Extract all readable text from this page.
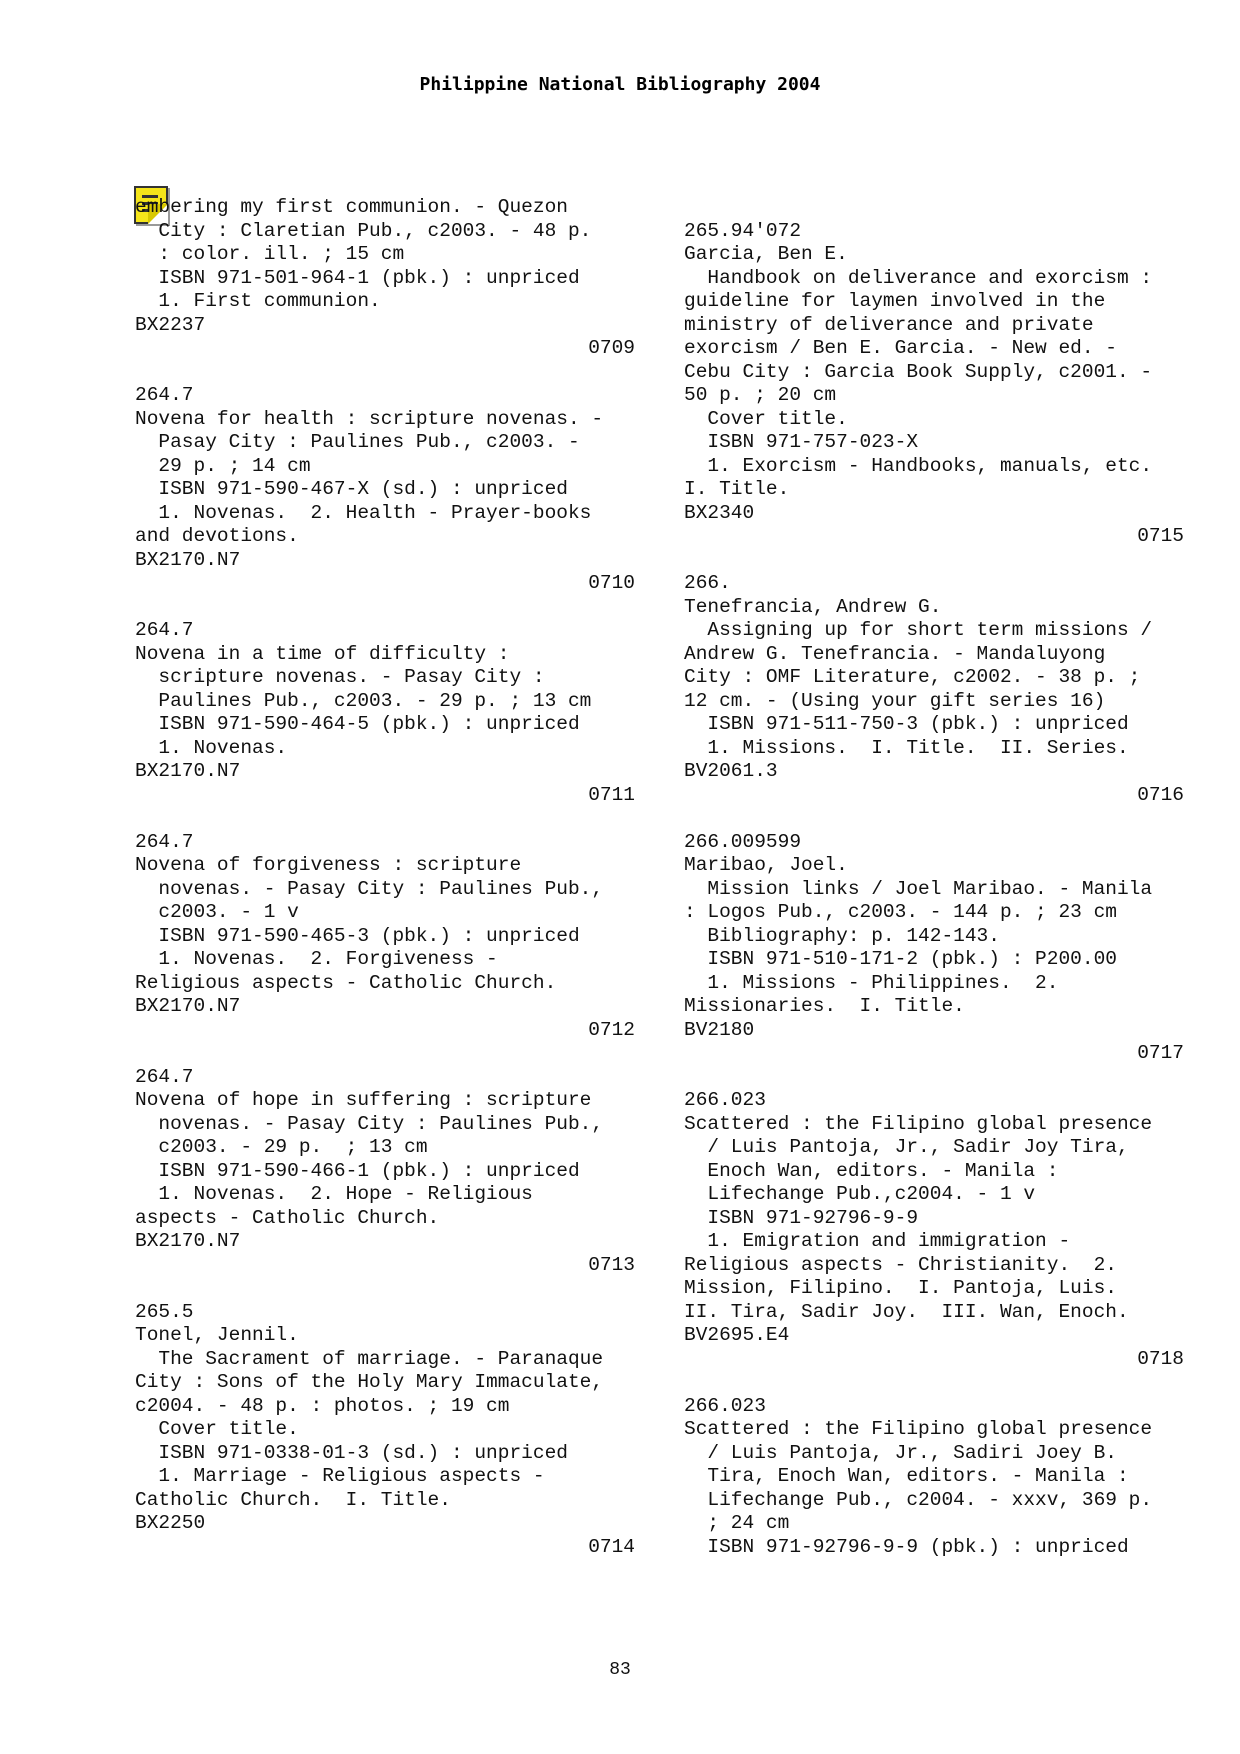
Philippine National Bibliography 2004
embering my first communion. - Quezon
City : Claretian Pub., c2003. - 48 p.
: color. ill. ; 15 cm
ISBN 971-501-964-1 (pbk.) : unpriced
1. First communion.
BX2237
0709
264.7
Novena for health : scripture novenas. -
Pasay City : Paulines Pub., c2003. -
29 p. ; 14 cm
ISBN 971-590-467-X (sd.) : unpriced
1. Novenas.  2. Health - Prayer-books
and devotions.
BX2170.N7
0710
264.7
Novena in a time of difficulty :
scripture novenas. - Pasay City :
Paulines Pub., c2003. - 29 p. ; 13 cm
ISBN 971-590-464-5 (pbk.) : unpriced
1. Novenas.
BX2170.N7
0711
264.7
Novena of forgiveness : scripture
novenas. - Pasay City : Paulines Pub.,
c2003. - 1 v
ISBN 971-590-465-3 (pbk.) : unpriced
1. Novenas.  2. Forgiveness -
Religious aspects - Catholic Church.
BX2170.N7
0712
264.7
Novena of hope in suffering : scripture
novenas. - Pasay City : Paulines Pub.,
c2003. - 29 p.  ; 13 cm
ISBN 971-590-466-1 (pbk.) : unpriced
1. Novenas.  2. Hope - Religious
aspects - Catholic Church.
BX2170.N7
0713
265.5
Tonel, Jennil.
The Sacrament of marriage. - Paranaque
City : Sons of the Holy Mary Immaculate,
c2004. - 48 p. : photos. ; 19 cm
Cover title.
ISBN 971-0338-01-3 (sd.) : unpriced
1. Marriage - Religious aspects -
Catholic Church.  I. Title.
BX2250
0714
265.94'072
Garcia, Ben E.
Handbook on deliverance and exorcism :
guideline for laymen involved in the
ministry of deliverance and private
exorcism / Ben E. Garcia. - New ed. -
Cebu City : Garcia Book Supply, c2001. -
50 p. ; 20 cm
Cover title.
ISBN 971-757-023-X
1. Exorcism - Handbooks, manuals, etc.
I. Title.
BX2340
0715
266.
Tenefrancia, Andrew G.
Assigning up for short term missions /
Andrew G. Tenefrancia. - Mandaluyong
City : OMF Literature, c2002. - 38 p. ;
12 cm. - (Using your gift series 16)
ISBN 971-511-750-3 (pbk.) : unpriced
1. Missions.  I. Title.  II. Series.
BV2061.3
0716
266.009599
Maribao, Joel.
Mission links / Joel Maribao. - Manila
: Logos Pub., c2003. - 144 p. ; 23 cm
Bibliography: p. 142-143.
ISBN 971-510-171-2 (pbk.) : P200.00
1. Missions - Philippines.  2.
Missionaries.  I. Title.
BV2180
0717
266.023
Scattered : the Filipino global presence
/ Luis Pantoja, Jr., Sadir Joy Tira,
Enoch Wan, editors. - Manila :
Lifechange Pub.,c2004. - 1 v
ISBN 971-92796-9-9
1. Emigration and immigration -
Religious aspects - Christianity.  2.
Mission, Filipino.  I. Pantoja, Luis.
II. Tira, Sadir Joy.  III. Wan, Enoch.
BV2695.E4
0718
266.023
Scattered : the Filipino global presence
/ Luis Pantoja, Jr., Sadiri Joey B.
Tira, Enoch Wan, editors. - Manila :
Lifechange Pub., c2004. - xxxv, 369 p.
; 24 cm
ISBN 971-92796-9-9 (pbk.) : unpriced
83
